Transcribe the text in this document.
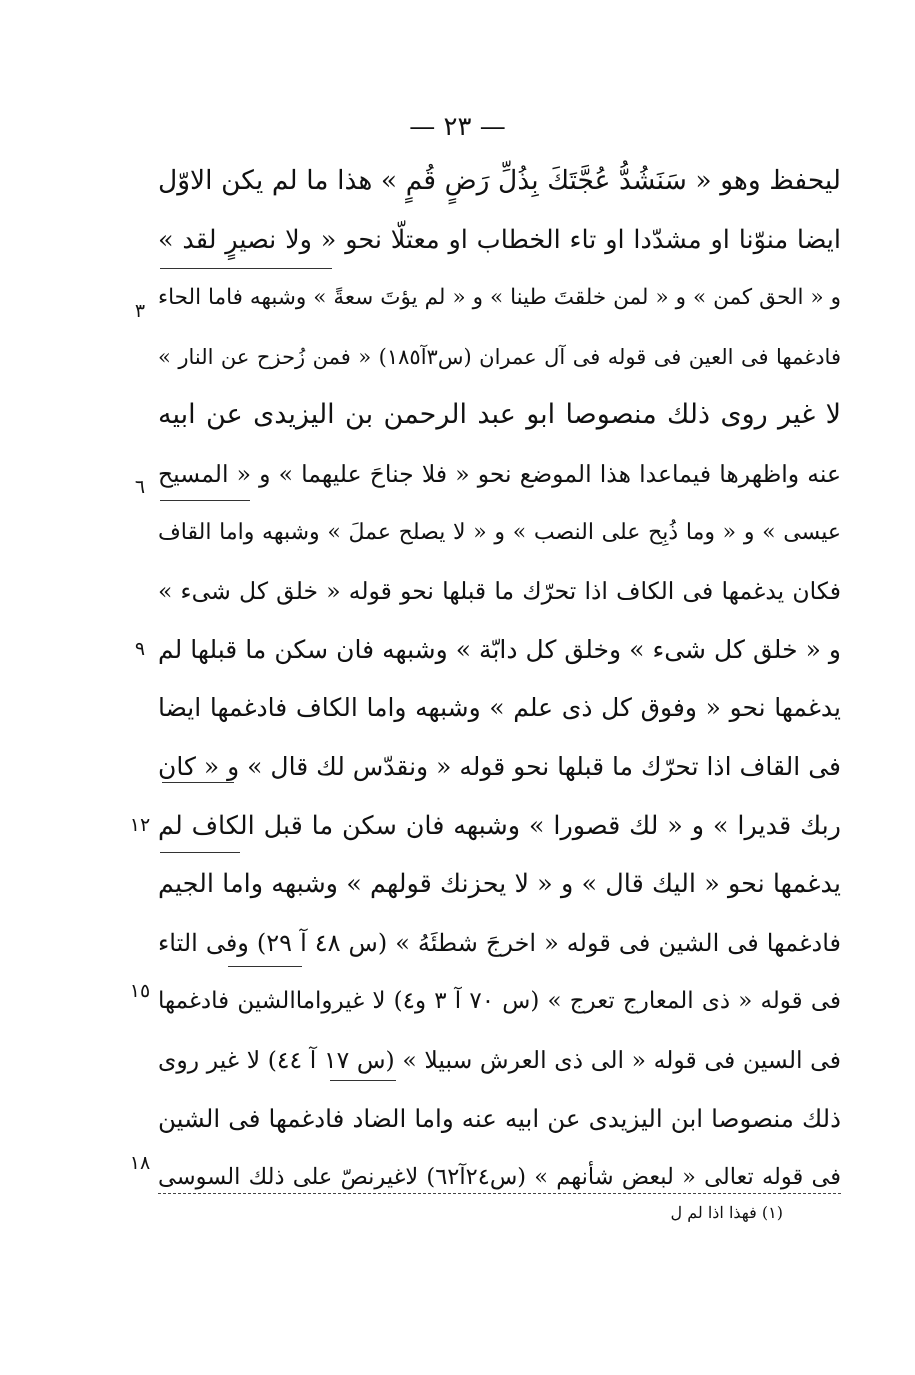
— ٢٣ —
ليحفظ وهو « سَنَشُدُّ عُجَّتَكَ بِذُلِّ رَضٍ قُمٍ » هذا ما لم يكن الاوّل
ايضا منوّنا او مشدّدا او تاء الخطاب او معتلّا نحو « ولا نصيرٍ لقد »
و « الحق كمن » و « لمن خلقتَ طينا » و « لم يؤتَ سعةً » وشبهه فاما الحاء
فادغمها فى العين فى قوله فى آل عمران (س٣آ١٨٥) « فمن زُحزح عن النار »
لا غير روى ذلك منصوصا ابو عبد الرحمن بن اليزيدى عن ابيه
عنه واظهرها فيماعدا هذا الموضع نحو « فلا جناحَ عليهما » و « المسيح
عيسى » و « وما ذُبِح على النصب » و « لا يصلح عملَ » وشبهه واما القاف
فكان يدغمها فى الكاف اذا تحرّك ما قبلها نحو قوله « خلق كل شىء »
و « خلق كل شىء » وخلق كل دابّة » وشبهه فان سكن ما قبلها لم
يدغمها نحو « وفوق كل ذى علم » وشبهه واما الكاف فادغمها ايضا
فى القاف اذا تحرّك ما قبلها نحو قوله « ونقدّس لك قال » و « كان
ربك قديرا » و « لك قصورا » وشبهه فان سكن ما قبل الكاف لم
يدغمها نحو « اليك قال » و « لا يحزنك قولهم » وشبهه واما الجيم
فادغمها فى الشين فى قوله « اخرجَ شطئَهُ » (س ٤٨ آ ٢٩) وفى التاء
فى قوله « ذى المعارج تعرج » (س ٧٠ آ ٣ و٤) لا غيرواماالشين فادغمها
فى السين فى قوله « الى ذى العرش سبيلا » (س ١٧ آ ٤٤) لا غير روى
ذلك منصوصا ابن اليزيدى عن ابيه عنه واما الضاد فادغمها فى الشين
فى قوله تعالى « لبعض شأنهم » (س٢٤آ٦٢) لاغيرنصّ على ذلك السوسى
٣
٦
٩
١٢
١٥
١٨
(١) فهذا اذا لم ل
